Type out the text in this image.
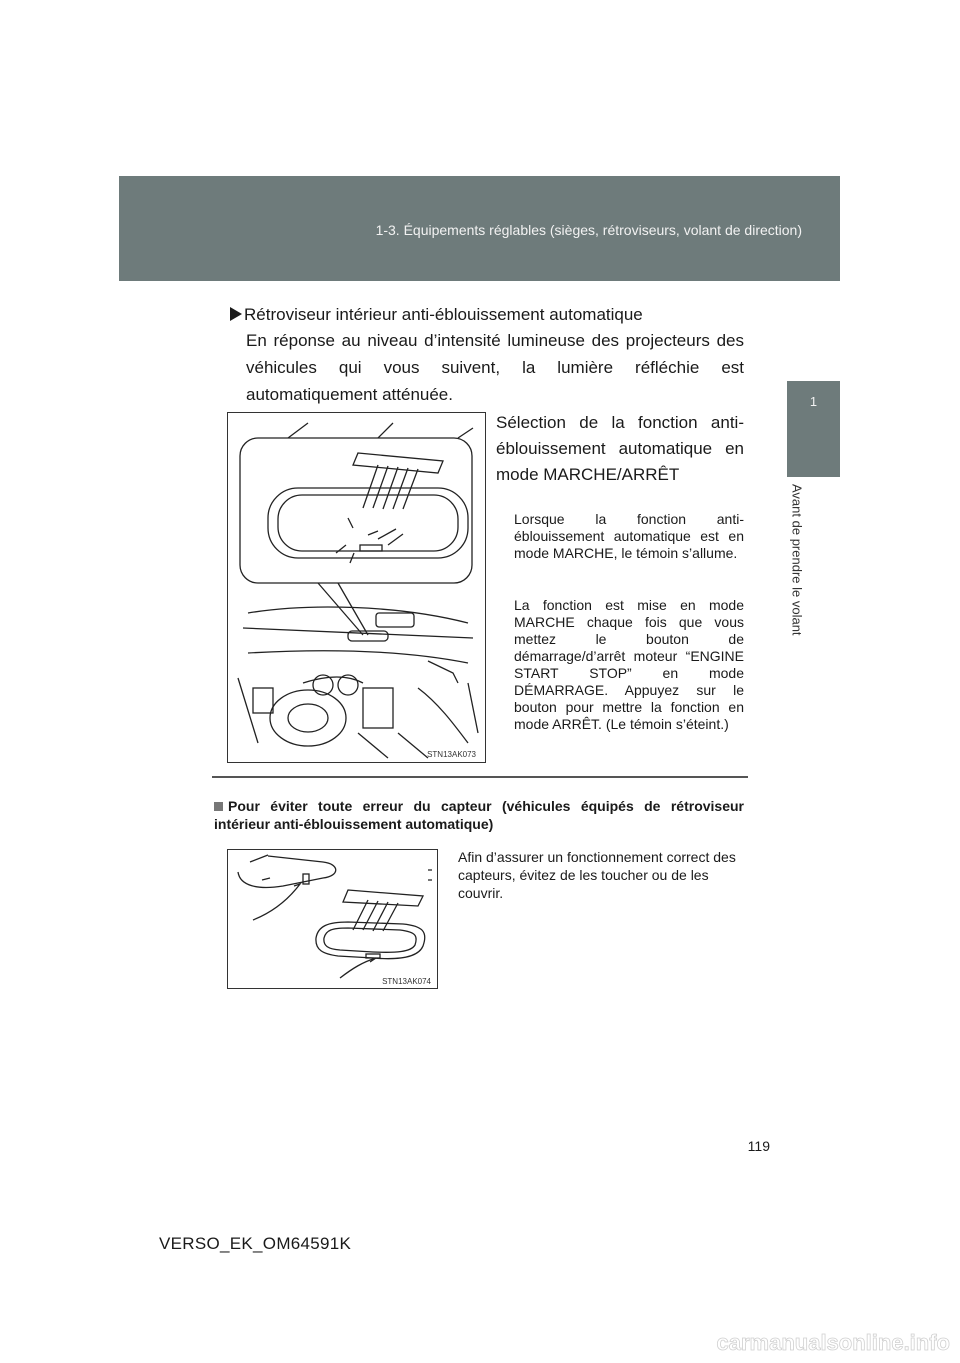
1-3. Équipements réglables (sièges, rétroviseurs, volant de direction)
1
Avant de prendre le volant
Rétroviseur intérieur anti-éblouissement automatique
En réponse au niveau d’intensité lumineuse des projecteurs des véhicules qui vous suivent, la lumière réfléchie est automatiquement atténuée.
STN13AK073
Sélection de la fonction anti-éblouissement automatique en mode MARCHE/ARRÊT
Lorsque la fonction anti-éblouissement automatique est en mode MARCHE, le témoin s’allume.
La fonction est mise en mode MARCHE chaque fois que vous mettez le bouton de démarrage/d’arrêt moteur “ENGINE START STOP” en mode DÉMARRAGE. Appuyez sur le bouton pour mettre la fonction en mode ARRÊT. (Le témoin s’éteint.)
Pour éviter toute erreur du capteur (véhicules équipés de rétroviseur intérieur anti-éblouissement automatique)
STN13AK074
Afin d’assurer un fonctionnement correct des capteurs, évitez de les toucher ou de les couvrir.
119
VERSO_EK_OM64591K
carmanualsonline.info
